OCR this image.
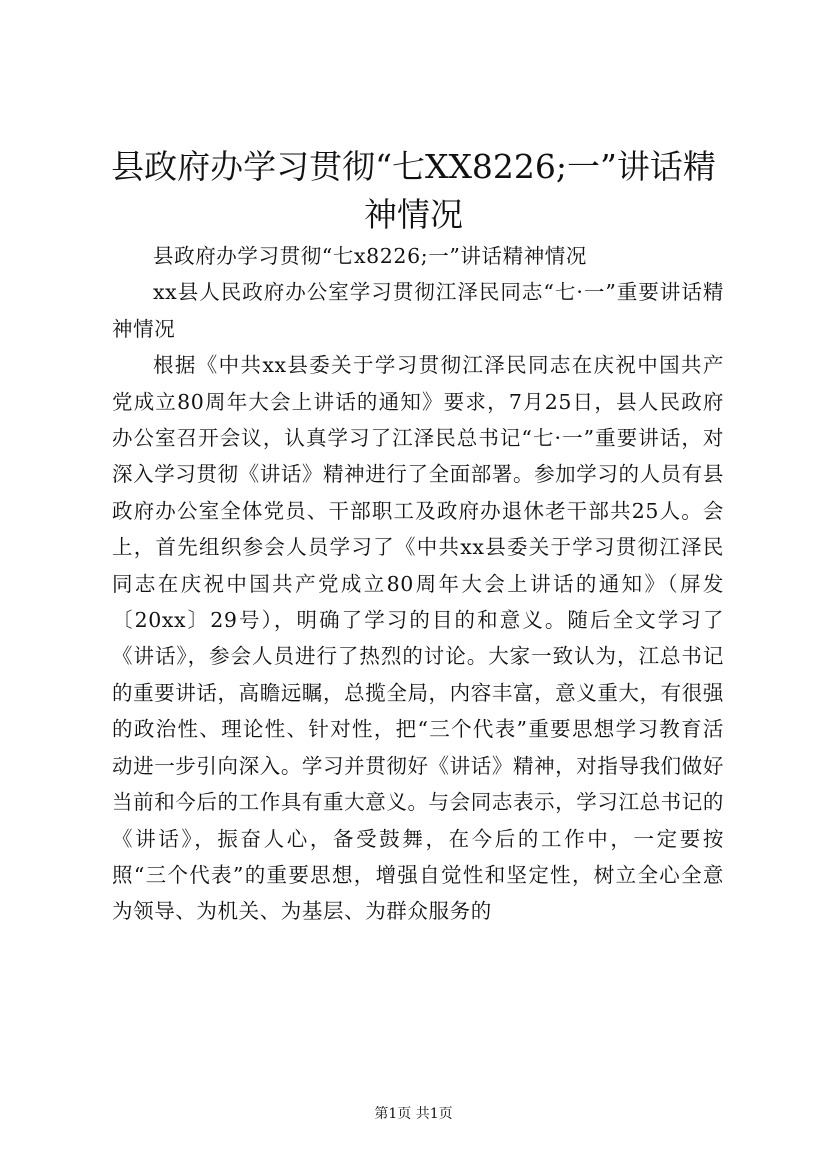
县政府办学习贯彻“七XX8226;一”讲话精神情况

县政府办学习贯彻“七x8226;一”讲话精神情况

xx县人民政府办公室学习贯彻江泽民同志“七·一”重要讲话精神情况

根据《中共xx县委关于学习贯彻江泽民同志在庆祝中国共产党成立80周年大会上讲话的通知》要求，7月25日，县人民政府办公室召开会议，认真学习了江泽民总书记“七·一”重要讲话，对深入学习贯彻《讲话》精神进行了全面部署。参加学习的人员有县政府办公室全体党员、干部职工及政府办退休老干部共25人。会上，首先组织参会人员学习了《中共xx县委关于学习贯彻江泽民同志在庆祝中国共产党成立80周年大会上讲话的通知》（屏发〔20xx〕29号），明确了学习的目的和意义。随后全文学习了《讲话》，参会人员进行了热烈的讨论。大家一致认为，江总书记的重要讲话，高瞻远瞩，总揽全局，内容丰富，意义重大，有很强的政治性、理论性、针对性，把“三个代表”重要思想学习教育活动进一步引向深入。学习并贯彻好《讲话》精神，对指导我们做好当前和今后的工作具有重大意义。与会同志表示，学习江总书记的《讲话》，振奋人心，备受鼓舞，在今后的工作中，一定要按照“三个代表”的重要思想，增强自觉性和坚定性，树立全心全意为领导、为机关、为基层、为群众服务的

第1页 共1页
